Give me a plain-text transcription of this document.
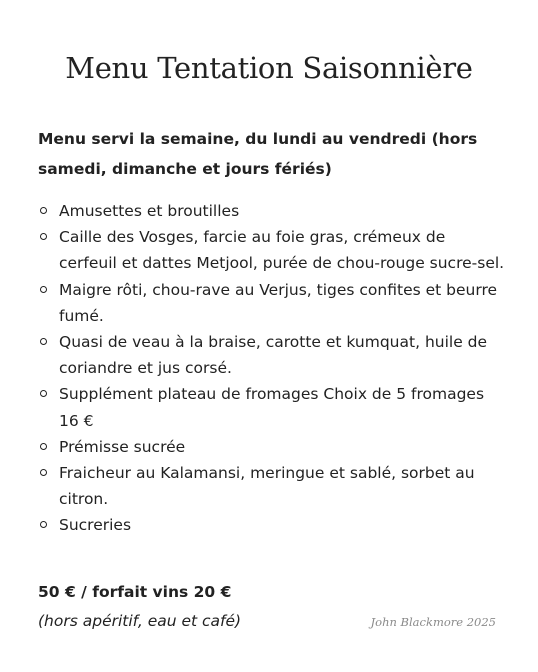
Menu Tentation Saisonnière

Menu servi la semaine, du lundi au vendredi (hors samedi, dimanche et jours fériés)

Amusettes et broutilles
Caille des Vosges, farcie au foie gras, crémeux de cerfeuil et dattes Metjool, purée de chou-rouge sucre-sel.
Maigre rôti, chou-rave au Verjus, tiges confites et beurre fumé.
Quasi de veau à la braise, carotte et kumquat, huile de coriandre et jus corsé.
Supplément plateau de fromages Choix de 5 fromages 16 €
Prémisse sucrée
Fraicheur au Kalamansi, meringue et sablé, sorbet au citron.
Sucreries

50 € / forfait vins 20 €

(hors apéritif, eau et café)	John Blackmore 2025
